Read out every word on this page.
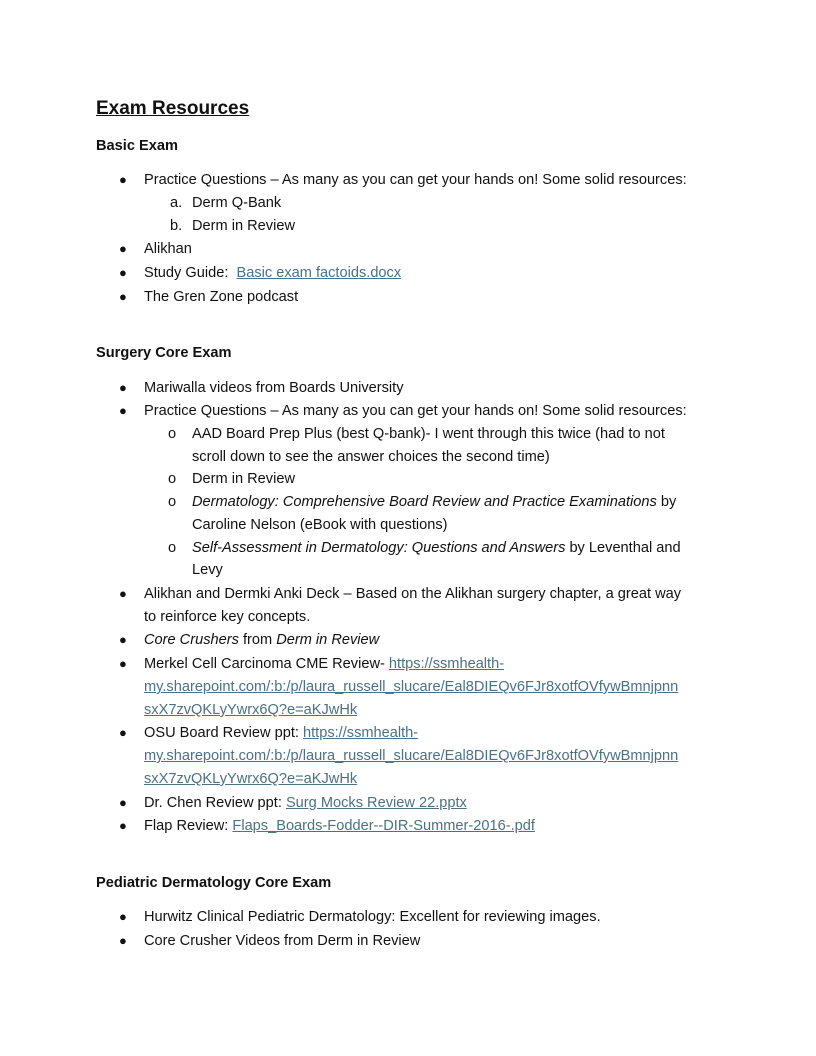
Exam Resources
Basic Exam
● Practice Questions – As many as you can get your hands on! Some solid resources:
a. Derm Q-Bank
b. Derm in Review
● Alikhan
● Study Guide: Basic exam factoids.docx
● The Gren Zone podcast
Surgery Core Exam
● Mariwalla videos from Boards University
● Practice Questions – As many as you can get your hands on! Some solid resources:
o AAD Board Prep Plus (best Q-bank)- I went through this twice (had to not
scroll down to see the answer choices the second time)
o Derm in Review
o Dermatology: Comprehensive Board Review and Practice Examinations by
Caroline Nelson (eBook with questions)
o Self-Assessment in Dermatology: Questions and Answers by Leventhal and
Levy
● Alikhan and Dermki Anki Deck – Based on the Alikhan surgery chapter, a great way
to reinforce key concepts.
● Core Crushers from Derm in Review
● Merkel Cell Carcinoma CME Review- https://ssmhealth-
my.sharepoint.com/:b:/p/laura_russell_slucare/Eal8DIEQv6FJr8xotfOVfywBmnjpnn
sxX7zvQKLyYwrx6Q?e=aKJwHk
● OSU Board Review ppt: https://ssmhealth-
my.sharepoint.com/:b:/p/laura_russell_slucare/Eal8DIEQv6FJr8xotfOVfywBmnjpnn
sxX7zvQKLyYwrx6Q?e=aKJwHk
● Dr. Chen Review ppt: Surg Mocks Review 22.pptx
● Flap Review: Flaps_Boards-Fodder--DIR-Summer-2016-.pdf
Pediatric Dermatology Core Exam
● Hurwitz Clinical Pediatric Dermatology: Excellent for reviewing images.
● Core Crusher Videos from Derm in Review
